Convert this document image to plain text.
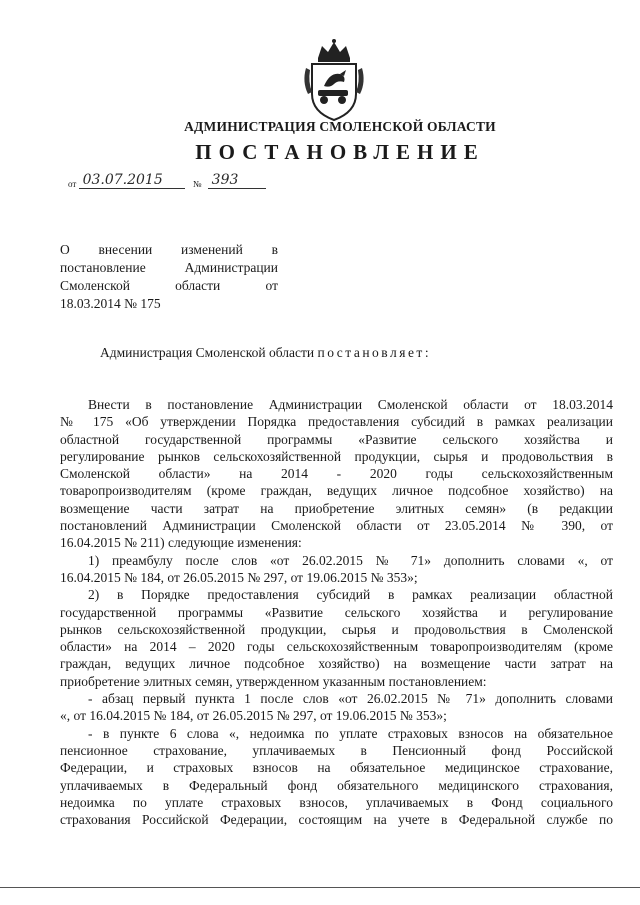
АДМИНИСТРАЦИЯ СМОЛЕНСКОЙ ОБЛАСТИ
ПОСТАНОВЛЕНИЕ
от 03.07.2015	№ 393
О внесении изменений в
постановление Администрации
Смоленской области от
18.03.2014 № 175
Администрация Смоленской области постановляет:
Внести в постановление Администрации Смоленской области от 18.03.2014
№ 175 «Об утверждении Порядка предоставления субсидий в рамках реализации
областной государственной программы «Развитие сельского хозяйства и
регулирование рынков сельскохозяйственной продукции, сырья и продовольствия в
Смоленской области» на 2014 - 2020 годы сельскохозяйственным
товаропроизводителям (кроме граждан, ведущих личное подсобное хозяйство) на
возмещение части затрат на приобретение элитных семян» (в редакции
постановлений Администрации Смоленской области от 23.05.2014 № 390, от
16.04.2015 № 211) следующие изменения:
1) преамбулу после слов «от 26.02.2015 № 71» дополнить словами «, от
16.04.2015 № 184, от 26.05.2015 № 297, от 19.06.2015 № 353»;
2) в Порядке предоставления субсидий в рамках реализации областной
государственной программы «Развитие сельского хозяйства и регулирование
рынков сельскохозяйственной продукции, сырья и продовольствия в Смоленской
области» на 2014 – 2020 годы сельскохозяйственным товаропроизводителям (кроме
граждан, ведущих личное подсобное хозяйство) на возмещение части затрат на
приобретение элитных семян, утвержденном указанным постановлением:
- абзац первый пункта 1 после слов «от 26.02.2015 № 71» дополнить словами
«, от 16.04.2015 № 184, от 26.05.2015 № 297, от 19.06.2015 № 353»;
- в пункте 6 слова «, недоимка по уплате страховых взносов на обязательное
пенсионное страхование, уплачиваемых в Пенсионный фонд Российской
Федерации, и страховых взносов на обязательное медицинское страхование,
уплачиваемых в Федеральный фонд обязательного медицинского страхования,
недоимка по уплате страховых взносов, уплачиваемых в Фонд социального
страхования Российской Федерации, состоящим на учете в Федеральной службе по
